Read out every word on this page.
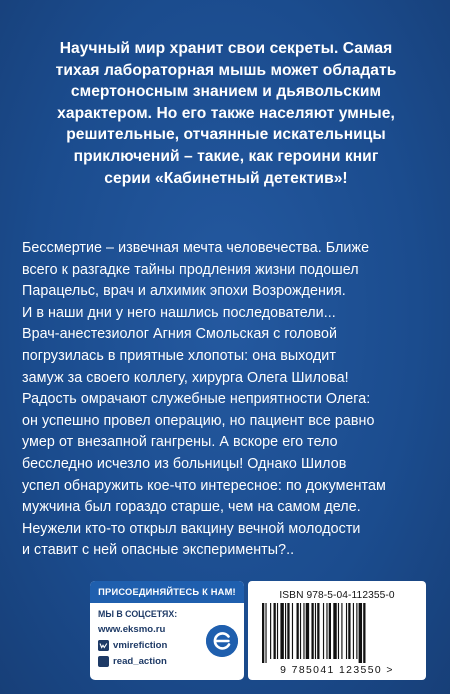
Научный мир хранит свои секреты. Самая
тихая лабораторная мышь может обладать
смертоносным знанием и дьявольским
характером. Но его также населяют умные,
решительные, отчаянные искательницы
приключений – такие, как героини книг
серии «Кабинетный детектив»!
Бессмертие – извечная мечта человечества. Ближе
всего к разгадке тайны продления жизни подошел
Парацельс, врач и алхимик эпохи Возрождения.
И в наши дни у него нашлись последователи...
Врач-анестезиолог Агния Смольская с головой
погрузилась в приятные хлопоты: она выходит
замуж за своего коллегу, хирурга Олега Шилова!
Радость омрачают служебные неприятности Олега:
он успешно провел операцию, но пациент все равно
умер от внезапной гангрены. А вскоре его тело
бесследно исчезло из больницы! Однако Шилов
успел обнаружить кое-что интересное: по документам
мужчина был гораздо старше, чем на самом деле.
Неужели кто-то открыл вакцину вечной молодости
и ставит с ней опасные эксперименты?..
ПРИСОЕДИНЯЙТЕСЬ К НАМ!
МЫ В СОЦСЕТЯХ:
www.eksmo.ru
vmirefiction
read_action
ISBN 978-5-04-112355-0
9 785041 123550 >
